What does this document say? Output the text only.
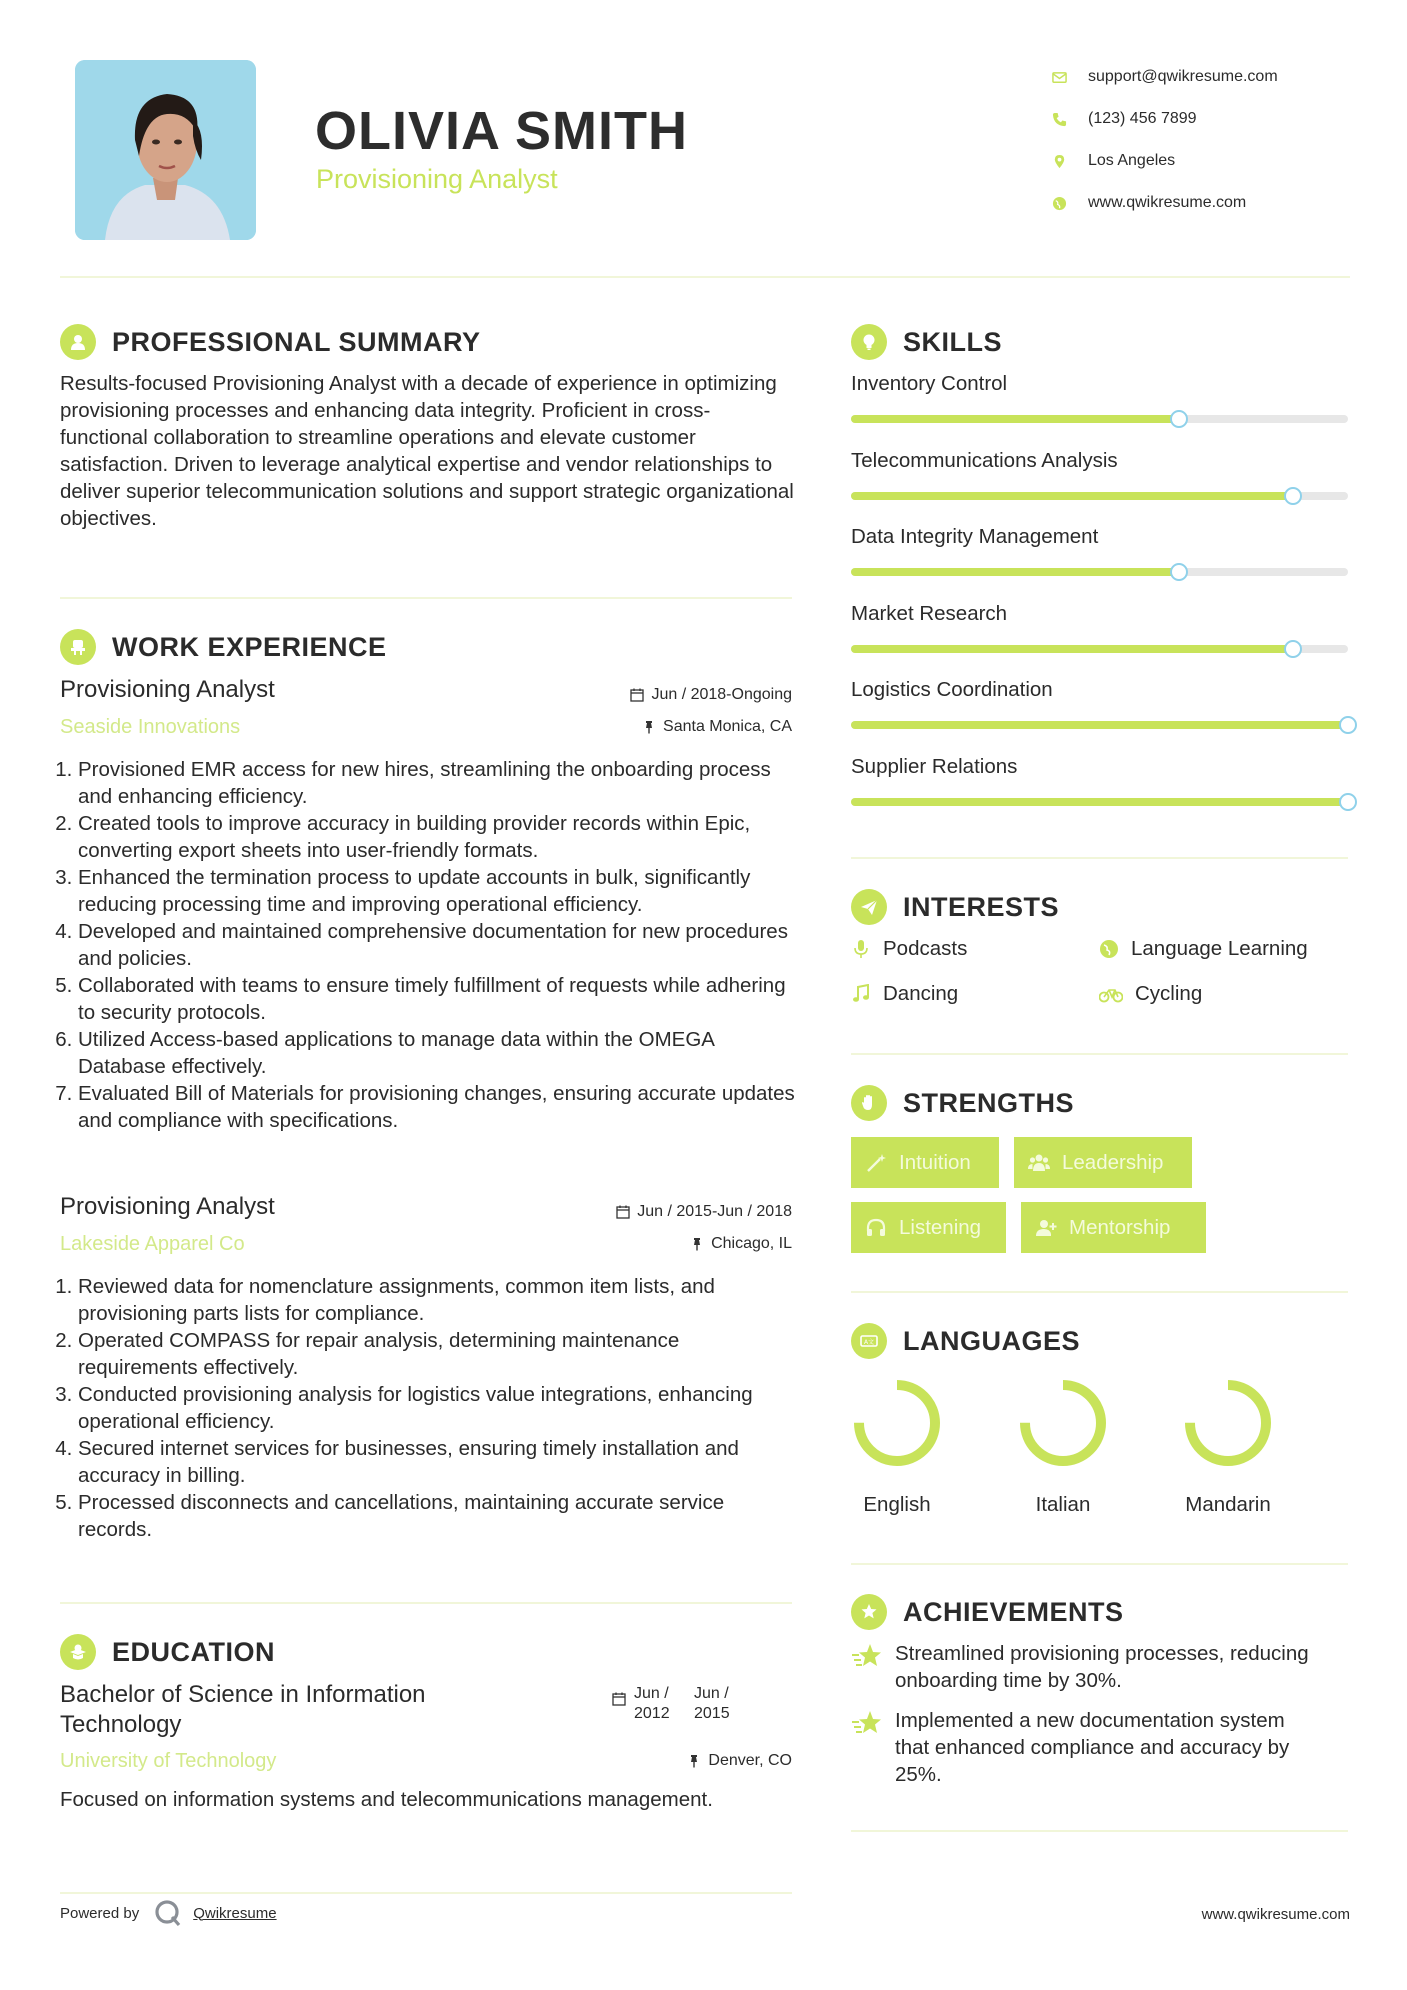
OLIVIA SMITH
Provisioning Analyst
support@qwikresume.com
(123) 456 7899
Los Angeles
www.qwikresume.com
PROFESSIONAL SUMMARY
Results-focused Provisioning Analyst with a decade of experience in optimizing provisioning processes and enhancing data integrity. Proficient in cross-functional collaboration to streamline operations and elevate customer satisfaction. Driven to leverage analytical expertise and vendor relationships to deliver superior telecommunication solutions and support strategic organizational objectives.
WORK EXPERIENCE
Provisioning Analyst	Jun / 2018-Ongoing
Seaside Innovations	Santa Monica, CA
1. Provisioned EMR access for new hires, streamlining the onboarding process and enhancing efficiency.
2. Created tools to improve accuracy in building provider records within Epic, converting export sheets into user-friendly formats.
3. Enhanced the termination process to update accounts in bulk, significantly reducing processing time and improving operational efficiency.
4. Developed and maintained comprehensive documentation for new procedures and policies.
5. Collaborated with teams to ensure timely fulfillment of requests while adhering to security protocols.
6. Utilized Access-based applications to manage data within the OMEGA Database effectively.
7. Evaluated Bill of Materials for provisioning changes, ensuring accurate updates and compliance with specifications.
Provisioning Analyst	Jun / 2015-Jun / 2018
Lakeside Apparel Co	Chicago, IL
1. Reviewed data for nomenclature assignments, common item lists, and provisioning parts lists for compliance.
2. Operated COMPASS for repair analysis, determining maintenance requirements effectively.
3. Conducted provisioning analysis for logistics value integrations, enhancing operational efficiency.
4. Secured internet services for businesses, ensuring timely installation and accuracy in billing.
5. Processed disconnects and cancellations, maintaining accurate service records.
EDUCATION
Bachelor of Science in Information Technology
Jun / 2012
Jun / 2015
University of Technology	Denver, CO
Focused on information systems and telecommunications management.
SKILLS
Inventory Control
Telecommunications Analysis
Data Integrity Management
Market Research
Logistics Coordination
Supplier Relations
INTERESTS
Podcasts	Language Learning
Dancing	Cycling
STRENGTHS
Intuition	Leadership
Listening	Mentorship
A文 LANGUAGES
English	Italian	Mandarin
ACHIEVEMENTS
Streamlined provisioning processes, reducing onboarding time by 30%.
Implemented a new documentation system that enhanced compliance and accuracy by 25%.
Powered by	Qwikresume	www.qwikresume.com
